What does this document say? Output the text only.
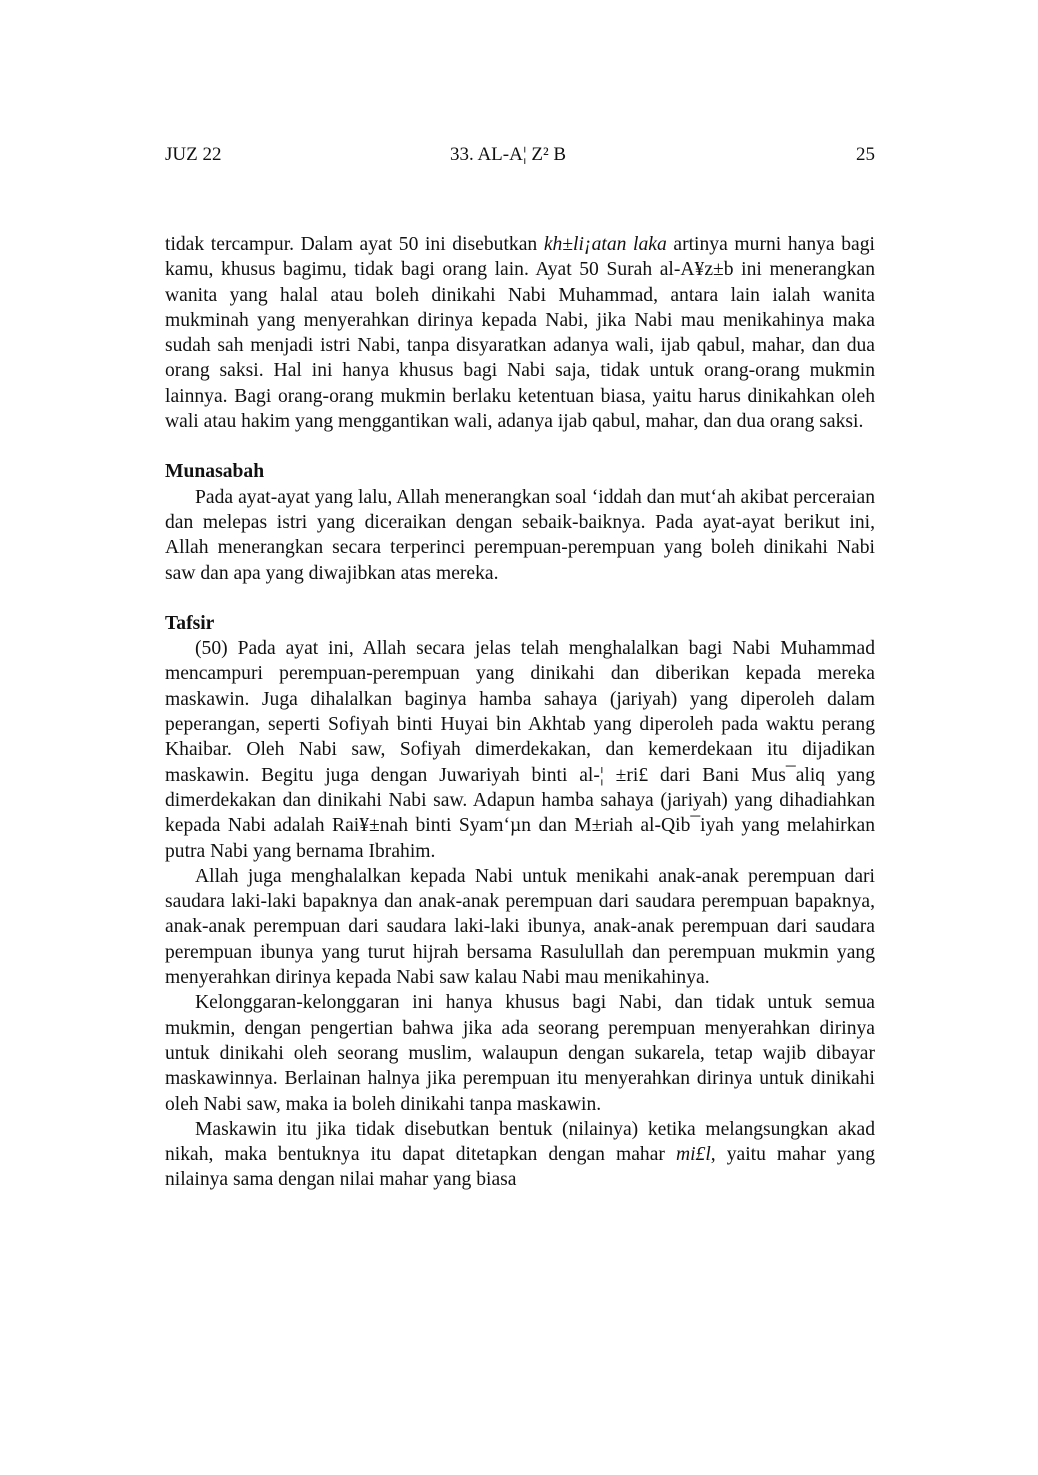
JUZ 22	33. AL-A¦ Z² B	25

tidak tercampur. Dalam ayat 50 ini disebutkan kh±li¡atan laka artinya murni hanya bagi kamu, khusus bagimu, tidak bagi orang lain. Ayat 50 Surah al-A¥z±b ini menerangkan wanita yang halal atau boleh dinikahi Nabi Muhammad, antara lain ialah wanita mukminah yang menyerahkan dirinya kepada Nabi, jika Nabi mau menikahinya maka sudah sah menjadi istri Nabi, tanpa disyaratkan adanya wali, ijab qabul, mahar, dan dua orang saksi. Hal ini hanya khusus bagi Nabi saja, tidak untuk orang-orang mukmin lainnya. Bagi orang-orang mukmin berlaku ketentuan biasa, yaitu harus dinikahkan oleh wali atau hakim yang menggantikan wali, adanya ijab qabul, mahar, dan dua orang saksi.

Munasabah

Pada ayat-ayat yang lalu, Allah menerangkan soal ‘iddah dan mut‘ah akibat perceraian dan melepas istri yang diceraikan dengan sebaik-baiknya. Pada ayat-ayat berikut ini, Allah menerangkan secara terperinci perempuan-perempuan yang boleh dinikahi Nabi saw dan apa yang diwajibkan atas mereka.

Tafsir

(50) Pada ayat ini, Allah secara jelas telah menghalalkan bagi Nabi Muhammad mencampuri perempuan-perempuan yang dinikahi dan diberikan kepada mereka maskawin. Juga dihalalkan baginya hamba sahaya (jariyah) yang diperoleh dalam peperangan, seperti Sofiyah binti Huyai bin Akhtab yang diperoleh pada waktu perang Khaibar. Oleh Nabi saw, Sofiyah dimerdekakan, dan kemerdekaan itu dijadikan maskawin. Begitu juga dengan Juwariyah binti al-¦ ±ri£ dari Bani Mus¯aliq yang dimerdekakan dan dinikahi Nabi saw. Adapun hamba sahaya (jariyah) yang dihadiahkan kepada Nabi adalah Rai¥±nah binti Syam‘µn dan M±riah al-Qib¯iyah yang melahirkan putra Nabi yang bernama Ibrahim.

Allah juga menghalalkan kepada Nabi untuk menikahi anak-anak perempuan dari saudara laki-laki bapaknya dan anak-anak perempuan dari saudara perempuan bapaknya, anak-anak perempuan dari saudara laki-laki ibunya, anak-anak perempuan dari saudara perempuan ibunya yang turut hijrah bersama Rasulullah dan perempuan mukmin yang menyerahkan dirinya kepada Nabi saw kalau Nabi mau menikahinya.

Kelonggaran-kelonggaran ini hanya khusus bagi Nabi, dan tidak untuk semua mukmin, dengan pengertian bahwa jika ada seorang perempuan menyerahkan dirinya untuk dinikahi oleh seorang muslim, walaupun dengan sukarela, tetap wajib dibayar maskawinnya. Berlainan halnya jika perempuan itu menyerahkan dirinya untuk dinikahi oleh Nabi saw, maka ia boleh dinikahi tanpa maskawin.

Maskawin itu jika tidak disebutkan bentuk (nilainya) ketika melangsungkan akad nikah, maka bentuknya itu dapat ditetapkan dengan mahar mi£l, yaitu mahar yang nilainya sama dengan nilai mahar yang biasa
